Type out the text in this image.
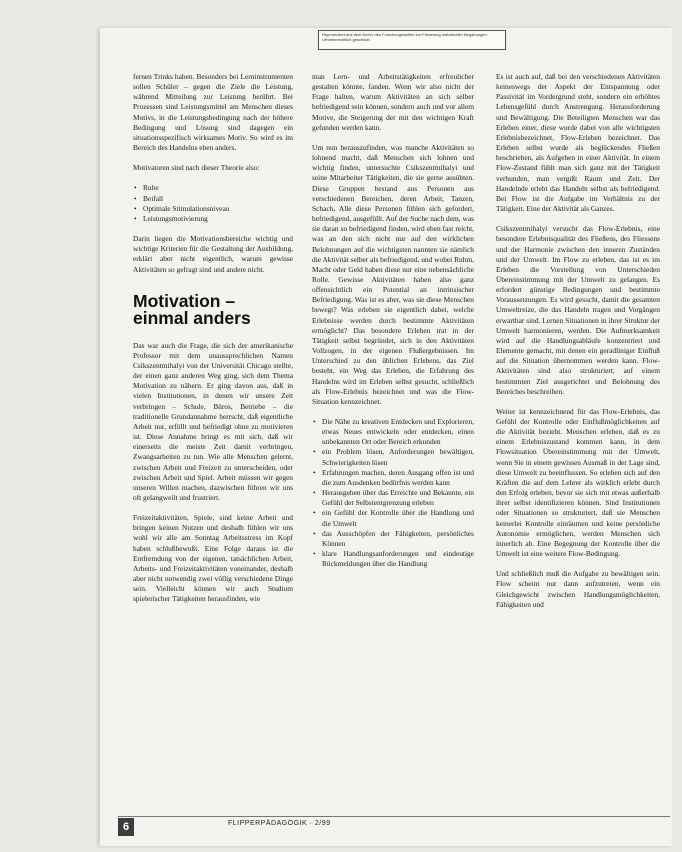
Reproduziert aus dem Archiv des Forschungsinstitut zur Förderung individueller Begabungen. Urheberrechtlich geschützt.

fernen Trinks haben. Besonders bei Lerninstrumenten sollen Schüler – gegen die Ziele die Leistung, während Mitteilung zur Leistung berührt. Bei Prozessen sind Leistungsmittel am Menschen dieses Motivs, in die Leistungsbedingung nach der höhere Bedingung und Lösung sind dagegen ein situationsspezifisch wirksames Motiv. So wird es im Bereich des Handelns eben anders.

Motivatoren sind nach dieser Theorie also:

• Ruhe
• Beifall
• Optimale Stimulationsniveau
• Leistungsmotivierung

Darin liegen die Motivationsbereiche wichtig und wichtige Kriterien für die Gestaltung der Ausbildung, erklärt aber nicht eigentlich, warum gewisse Aktivitäten so gefragt sind und andere nicht.

Motivation – einmal anders

Das war auch die Frage, die sich der amerikanische Professor mit dem unaussprechlichen Namen Csikszentmihalyi von der Universität Chicago stellte, der einen ganz anderen Weg ging, sich dem Thema Motivation zu nähern. Er ging davon aus, daß in vielen Institutionen, in denen wir unsere Zeit verbringen – Schule, Büros, Betriebe – die traditionelle Grundannahme herrscht, daß eigentliche Arbeit nur, erfüllt und befriedigt ohne zu motivieren ist. Diese Annahme bringt es mit sich, daß wir einerseits die meiste Zeit damit verbringen, Zwangsarbeiten zu tun. Wie alle Menschen gelernt, zwischen Arbeit und Freizeit zu unterscheiden, oder zwischen Arbeit und Spiel. Arbeit müssen wir gegen unseren Willen machen, dazwischen führen wir uns oft gelangweilt und frustriert.

Freizeitaktivitäten, Spiele, sind keine Arbeit und bringen keinen Nutzen und deshalb fühlen wir uns wohl wir alle am Sonntag Arbeitsstress im Kopf haben schlußbewußt. Eine Folge daraus ist die Entfremdung von der eigenen, tatsächlichen Arbeit, Arbeits- und Freizeitaktivitäten voneinander, deshalb aber nicht notwendig zwei völlig verschiedene Dinge sein. Vielleicht können wir auch Studium spielerischer Tätigkeiten herausfinden, wie

man Lern- und Arbeitstätigkeiten erfreulicher gestalten könnte, fanden. Wenn wir also nicht der Frage halten, warum Aktivitäten an sich selber befriedigend sein können, sondern auch und vor allem Motive, die Steigerung der mit den wichtigen Kraft gefunden werden kann.

Um nun herauszufinden, was manche Aktivitäten so lohnend macht, daß Menschen sich lohnen und wichtig finden, untersuchte Csikszentmihalyi und seine Mitarbeiter Tätigkeiten, die sie gerne ausübten. Diese Gruppen bestand aus Personen aus verschiedenen Bereichen, deren Arbeit, Tanzen, Schach, Alle diese Personen fühlen sich gefordert, befriedigend, ausgefüllt. Auf der Suche nach dem, was sie daran so befriedigend finden, wird eben fast reicht, was an den sich nicht nur auf den wirklichen Belohnungen auf die wichtigsten nannten sie nämlich die Aktivität selber als befriedigend, und wobei Ruhm, Macht oder Geld haben diese nur eine nebensächliche Rolle. Gewisse Aktivitäten haben also ganz offensichtlich ein Potential an intrinsischer Befriedigung. Was ist es aber, was sie diese Menschen bewegt? Was erleben sie eigentlich dabei, welche Erlebnisse werden durch bestimmte Aktivitäten ermöglicht? Das besondere Erleben trat in der Tätigkeit selbst begründet, sich in den Aktivitäten Vollzogen, in der eigenen Flußergebnissen. Im Unterschied zu den üblichen Erlebens, das Ziel besteht, ein Weg das Erleben, die Erfahrung des Handelns wird im Erleben selbst gesucht, schließlich als Flow-Erlebnis bezeichnet und was die Flow-Situation kennzeichnet.

• Die Nähe zu kreativen Entdecken und Explorieren, etwas Neues entwickeln oder entdecken, einen unbekannten Ort oder Bereich erkunden
• ein Problem lösen, Anforderungen bewältigen, Schwierigkeiten lösen
• Erfahrungen machen, deren Ausgang offen ist und die zum Ausdenken bedürfnis werden kann
• Herausgehen über das Erreichte und Bekannte, ein Gefühl der Selbstentgrenzung erleben
• ein Gefühl der Kontrolle über die Handlung und die Umwelt
• das Ausschöpfen der Fähigkeiten, persönliches Können
• klare Handlungsanforderungen und eindeutige Rückmeldungen über die Handlung

Es ist auch auf, daß bei den verschiedenen Aktivitäten keineswegs der Aspekt der Entspannung oder Passivität im Vordergrund steht, sondern ein erhöhtes Lebensgefühl durch Anstrengung. Herausforderung und Bewältigung. Die Beteiligten Menschen war das Erleben einer, diese wurde dabei von alle wichtigsten Erlebnisbezeichnet, Flow-Erleben bezeichnet. Das Erleben selbst wurde als beglückendes Fließen beschrieben, als Aufgehen in einer Aktivität. In einem Flow-Zustand fühlt man sich ganz mit der Tätigkeit verbunden, man vergißt Raum und Zeit. Der Handelnde erlebt das Handeln selbst als befriedigend. Bei Flow ist die Aufgabe im Verhältnis zu der Tätigkeit. Eine der Aktivität als Ganzes.

Csikszentmihalyi versucht das Flow-Erlebnis, eine besondere Erlebnisqualität des Fließens, des Fliessens und der Harmonie zwischen den inneren Zuständen und der Umwelt. Im Flow zu erleben, das ist es im Erleben die Vorstellung von Unterschieden Übereinstimmung mit der Umwelt zu gelangen. Es erfordert günstige Bedingungen und bestimmte Voraussetzungen. Es wird gesucht, damit die gesamten Umweltreize, die das Handeln tragen und Vorgängen erwartbar sind. Lernen Situationen in ihrer Struktur der Umwelt harmonieren, werden. Die Aufmerksamkeit wird auf die Handlungsabläufe konzentriert und Elemente gemacht, mit denen ein geradliniger Einfluß auf die Situation übernommen werden kann. Flow-Aktivitäten sind also strukturiert, auf einem bestimmten Ziel ausgerichtet und Belohnung des Bereiches beschreiben.

Weiter ist kennzeichnend für das Flow-Erlebnis, das Gefühl der Kontrolle oder Einflußmöglichkeiten auf die Aktivität bezieht. Menschen erleben, daß es zu einem Erlebniszustand kommen kann, in dem Flowsituation Übereinstimmung mit der Umwelt, wenn Sie in einem gewissen Ausmaß in der Lage sind, diese Umwelt zu beeinflussen. So erleben sich auf den Kräften die auf dem Lehrer als wirklich erlebt durch den Erfolg erleben, bevor sie sich mit etwas außerhalb ihrer selbst identifizieren können. Sind Institutionen oder Situationen so strukturiert, daß sie Menschen keinerlei Kontrolle einräumen und keine persönliche Autonomie ermöglichen, werden Menschen sich innerlich ab. Eine Begegnung der Kontrolle über die Umwelt ist eine weitere Flow-Bedingung.

Und schließlich muß die Aufgabe zu bewältigen sein. Flow scheint nur dann aufzutreten, wenn ein Gleichgewicht zwischen Handlungsmöglichkeiten, Fähigkeiten und

6	FLIPPERPÄDAGOGIK · 2/99
